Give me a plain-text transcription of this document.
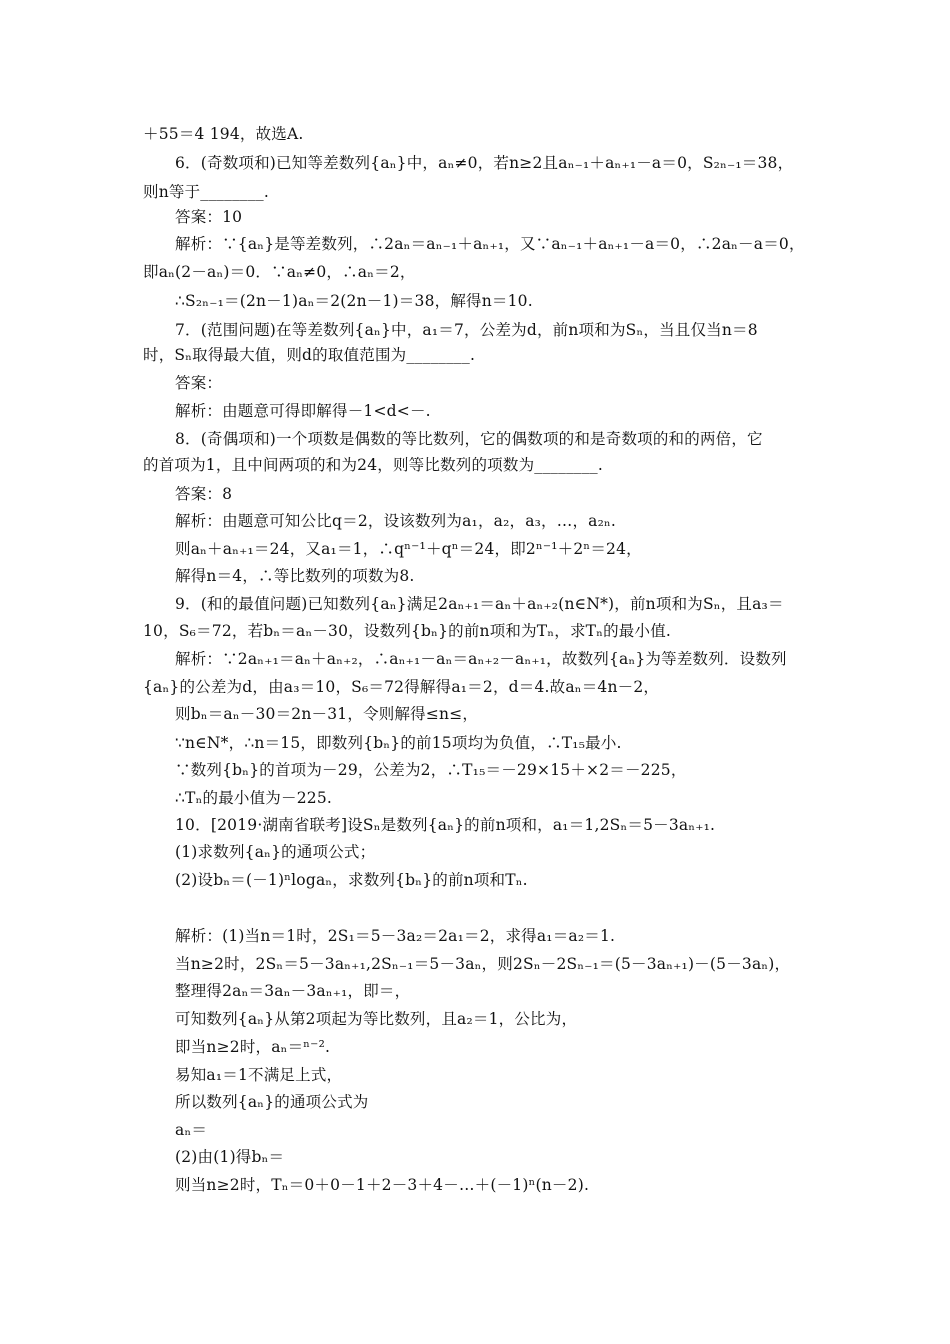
＋55＝4 194，故选A.
6．(奇数项和)已知等差数列{aₙ}中，aₙ≠0，若n≥2且aₙ₋₁＋aₙ₊₁－a＝0，S₂ₙ₋₁＝38，
则n等于________.
答案：10
解析：∵{aₙ}是等差数列，∴2aₙ＝aₙ₋₁＋aₙ₊₁，又∵aₙ₋₁＋aₙ₊₁－a＝0，∴2aₙ－a＝0，
即aₙ(2－aₙ)＝0．∵aₙ≠0，∴aₙ＝2，
∴S₂ₙ₋₁＝(2n－1)aₙ＝2(2n－1)＝38，解得n＝10.
7．(范围问题)在等差数列{aₙ}中，a₁＝7，公差为d，前n项和为Sₙ，当且仅当n＝8
时，Sₙ取得最大值，则d的取值范围为________.
答案：
解析：由题意可得即解得－1<d<－.
8．(奇偶项和)一个项数是偶数的等比数列，它的偶数项的和是奇数项的和的两倍，它
的首项为1，且中间两项的和为24，则等比数列的项数为________.
答案：8
解析：由题意可知公比q＝2，设该数列为a₁，a₂，a₃，…，a₂ₙ.
则aₙ＋aₙ₊₁＝24，又a₁＝1，∴qⁿ⁻¹＋qⁿ＝24，即2ⁿ⁻¹＋2ⁿ＝24，
解得n＝4，∴等比数列的项数为8.
9．(和的最值问题)已知数列{aₙ}满足2aₙ₊₁＝aₙ＋aₙ₊₂(n∈N*)，前n项和为Sₙ，且a₃＝
10，S₆＝72，若bₙ＝aₙ－30，设数列{bₙ}的前n项和为Tₙ，求Tₙ的最小值.
解析：∵2aₙ₊₁＝aₙ＋aₙ₊₂，∴aₙ₊₁－aₙ＝aₙ₊₂－aₙ₊₁，故数列{aₙ}为等差数列．设数列
{aₙ}的公差为d，由a₃＝10，S₆＝72得解得a₁＝2，d＝4.故aₙ＝4n－2，
则bₙ＝aₙ－30＝2n－31，令则解得≤n≤，
∵n∈N*，∴n＝15，即数列{bₙ}的前15项均为负值，∴T₁₅最小.
∵数列{bₙ}的首项为－29，公差为2，∴T₁₅＝－29×15＋×2＝－225，
∴Tₙ的最小值为－225.
10．[2019·湖南省联考]设Sₙ是数列{aₙ}的前n项和，a₁＝1,2Sₙ＝5－3aₙ₊₁.
(1)求数列{aₙ}的通项公式；
(2)设bₙ＝(－1)ⁿlogaₙ，求数列{bₙ}的前n项和Tₙ.
解析：(1)当n＝1时，2S₁＝5－3a₂＝2a₁＝2，求得a₁＝a₂＝1.
当n≥2时，2Sₙ＝5－3aₙ₊₁,2Sₙ₋₁＝5－3aₙ，则2Sₙ－2Sₙ₋₁＝(5－3aₙ₊₁)－(5－3aₙ)，
整理得2aₙ＝3aₙ－3aₙ₊₁，即＝，
可知数列{aₙ}从第2项起为等比数列，且a₂＝1，公比为，
即当n≥2时，aₙ＝ⁿ⁻².
易知a₁＝1不满足上式，
所以数列{aₙ}的通项公式为
aₙ＝
(2)由(1)得bₙ＝
则当n≥2时，Tₙ＝0＋0－1＋2－3＋4－…＋(－1)ⁿ(n－2).
